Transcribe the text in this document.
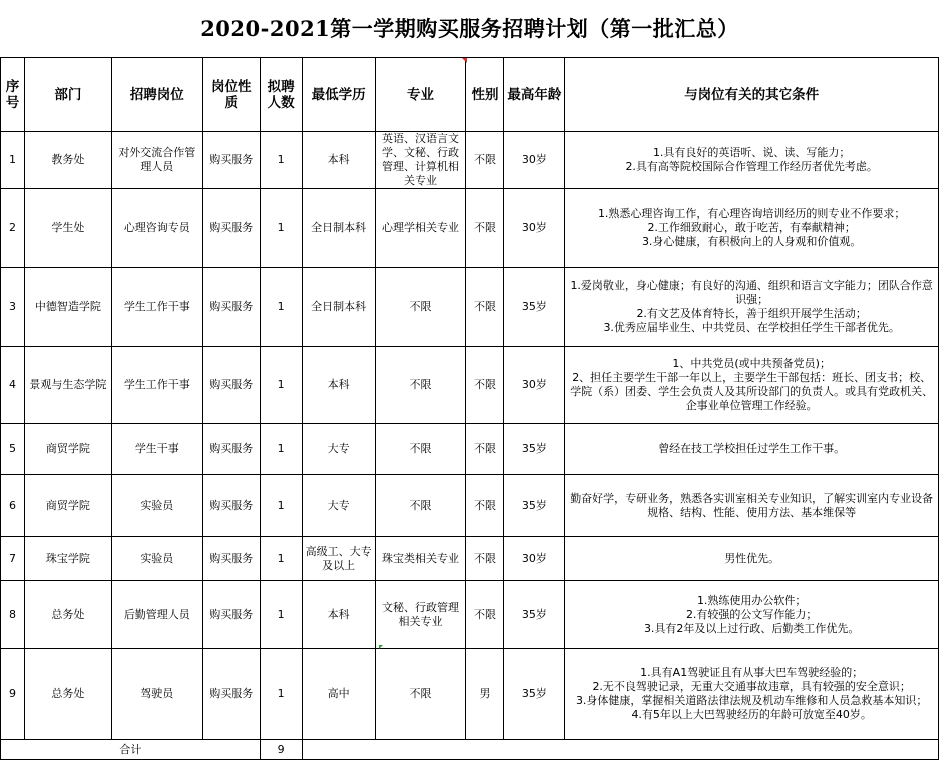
2020-2021第一学期购买服务招聘计划（第一批汇总）
序号	部门	招聘岗位	岗位性质	拟聘人数	最低学历	专业	性别	最高年龄	与岗位有关的其它条件
1	教务处	对外交流合作管理人员	购买服务	1	本科	英语、汉语言文学、文秘、行政管理、计算机相关专业	不限	30岁	1.具有良好的英语听、说、读、写能力；
2.具有高等院校国际合作管理工作经历者优先考虑。

2	学生处	心理咨询专员	购买服务	1	全日制本科	心理学相关专业	不限	30岁	1.熟悉心理咨询工作，有心理咨询培训经历的则专业不作要求；
2.工作细致耐心，敢于吃苦，有奉献精神；
3.身心健康，有积极向上的人身观和价值观。

3	中德智造学院	学生工作干事	购买服务	1	全日制本科	不限	不限	35岁	1.爱岗敬业，身心健康；有良好的沟通、组织和语言文字能力；团队合作意识强；
2.有文艺及体育特长，善于组织开展学生活动；
3.优秀应届毕业生、中共党员、在学校担任学生干部者优先。

4	景观与生态学院	学生工作干事	购买服务	1	本科	不限	不限	30岁	1、中共党员(或中共预备党员)；
2、担任主要学生干部一年以上，主要学生干部包括：班长、团支书；校、学院（系）团委、学生会负责人及其所设部门的负责人。或具有党政机关、企事业单位管理工作经验。

5	商贸学院	学生干事	购买服务	1	大专	不限	不限	35岁	曾经在技工学校担任过学生工作干事。

6	商贸学院	实验员	购买服务	1	大专	不限	不限	35岁	勤奋好学，专研业务，熟悉各实训室相关专业知识，了解实训室内专业设备规格、结构、性能、使用方法、基本维保等

7	珠宝学院	实验员	购买服务	1	高级工、大专及以上	珠宝类相关专业	不限	30岁	男性优先。

8	总务处	后勤管理人员	购买服务	1	本科	文秘、行政管理相关专业	不限	35岁	1.熟练使用办公软件；
2.有较强的公文写作能力；
3.具有2年及以上过行政、后勤类工作优先。

9	总务处	驾驶员	购买服务	1	高中	不限	男	35岁	1.具有A1驾驶证且有从事大巴车驾驶经验的；
2.无不良驾驶记录，无重大交通事故违章，具有较强的安全意识；
3.身体健康，掌握相关道路法律法规及机动车维修和人员急救基本知识；
4.有5年以上大巴驾驶经历的年龄可放宽至40岁。

合计				9					
